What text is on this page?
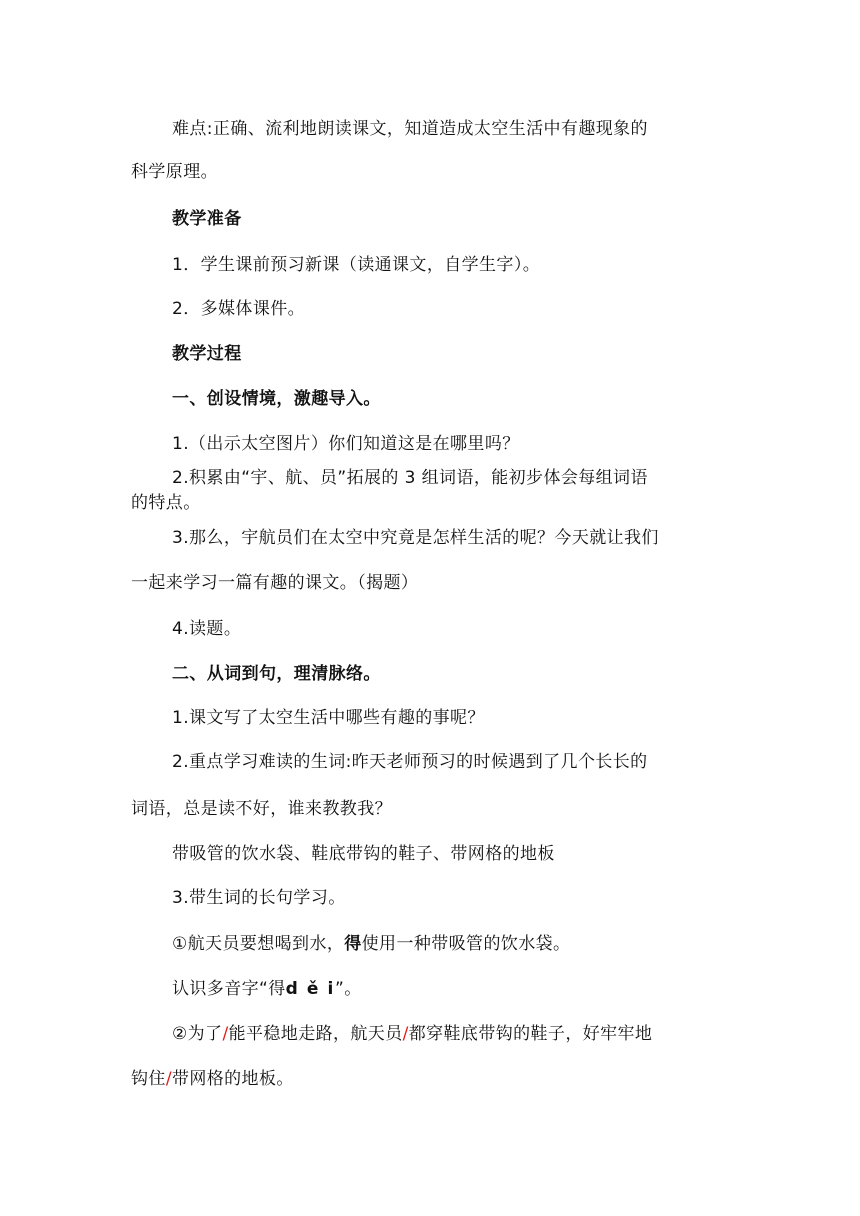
难点:正确、流利地朗读课文，知道造成太空生活中有趣现象的
科学原理。
教学准备
1．学生课前预习新课（读通课文，自学生字）。
2．多媒体课件。
教学过程
一、创设情境，激趣导入。
1.（出示太空图片）你们知道这是在哪里吗？
2.积累由“宇、航、员”拓展的 3 组词语，能初步体会每组词语
的特点。
3.那么，宇航员们在太空中究竟是怎样生活的呢？今天就让我们
一起来学习一篇有趣的课文。（揭题）
4.读题。
二、从词到句，理清脉络。
1.课文写了太空生活中哪些有趣的事呢？
2.重点学习难读的生词:昨天老师预习的时候遇到了几个长长的
词语，总是读不好，谁来教教我？
带吸管的饮水袋、鞋底带钩的鞋子、带网格的地板
3.带生词的长句学习。
①航天员要想喝到水，得使用一种带吸管的饮水袋。
认识多音字“得d ě i”。
②为了/能平稳地走路，航天员/都穿鞋底带钩的鞋子，好牢牢地
钩住/带网格的地板。
